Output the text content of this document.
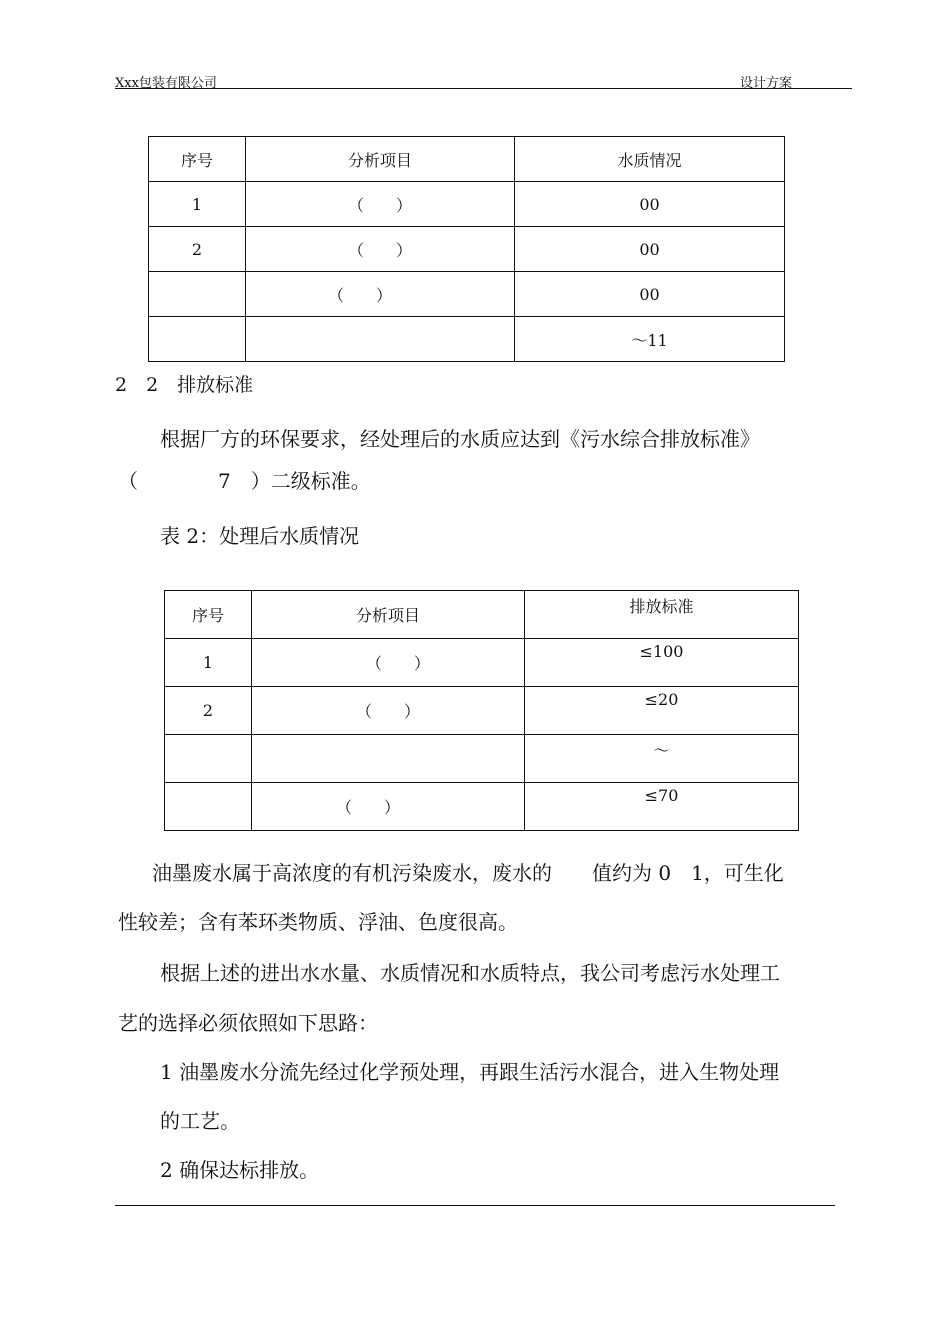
Xxx包装有限公司	设计方案
序号	分析项目	水质情况
1	（　　）	00
2	（　　）	00
	（　　）	00
		～11
2　2　排放标准
根据厂方的环保要求，经处理后的水质应达到《污水综合排放标准》
（　　　　7　）二级标准。
表 2：处理后水质情况
序号	分析项目	排放标准
1	（　　）	≤100
2	（　　）	≤20
		～
	（　　）	≤70
油墨废水属于高浓度的有机污染废水，废水的　　值约为 0　1，可生化
性较差；含有苯环类物质、浮油、色度很高。
根据上述的进出水水量、水质情况和水质特点，我公司考虑污水处理工
艺的选择必须依照如下思路：
1 油墨废水分流先经过化学预处理，再跟生活污水混合，进入生物处理
的工艺。
2 确保达标排放。
